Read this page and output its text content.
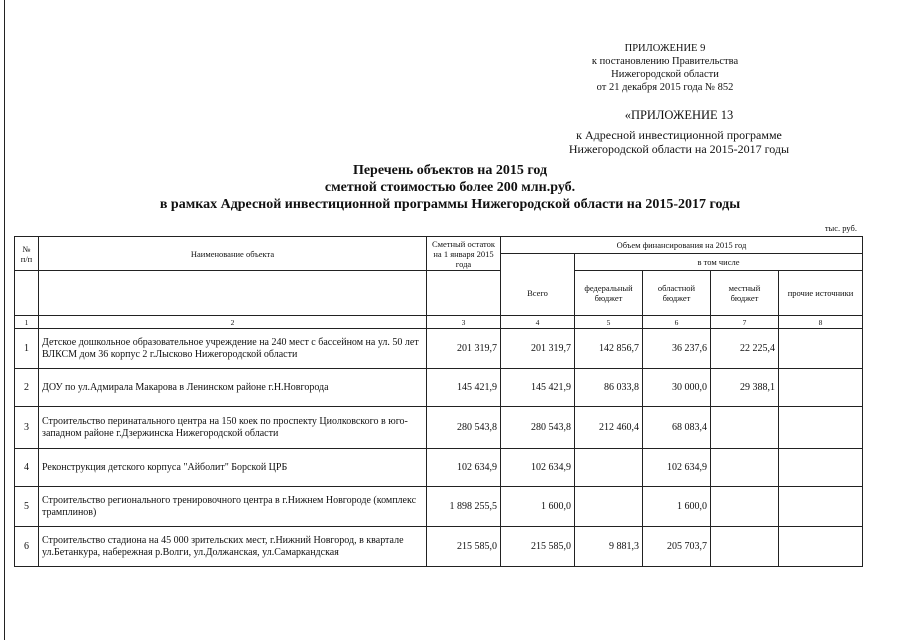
ПРИЛОЖЕНИЕ 9
к постановлению Правительства
Нижегородской области
от 21 декабря 2015 года № 852
«ПРИЛОЖЕНИЕ 13
к Адресной инвестиционной программе
Нижегородской области на 2015-2017 годы
Перечень объектов на 2015 год
сметной стоимостью более 200 млн.руб.
в рамках Адресной инвестиционной программы Нижегородской области на 2015-2017 годы
тыс. руб.
№ п/п	Наименование объекта	Сметный остаток на 1 января 2015 года	Объем финансирования на 2015 год				
				в том числе			
			Всего	федеральный бюджет	областной бюджет	местный бюджет	прочие источники
1	2	3	4	5	6	7	8
1	Детское дошкольное образовательное учреждение на 240 мест с бассейном на ул. 50 лет ВЛКСМ дом 36 корпус 2 г.Лысково Нижегородской области	201 319,7	201 319,7	142 856,7	36 237,6	22 225,4	
2	ДОУ по ул.Адмирала Макарова в Ленинском районе г.Н.Новгорода	145 421,9	145 421,9	86 033,8	30 000,0	29 388,1	
3	Строительство перинатального центра на 150 коек по проспекту Циолковского в юго-западном районе г.Дзержинска Нижегородской области	280 543,8	280 543,8	212 460,4	68 083,4		
4	Реконструкция детского корпуса "Айболит" Борской ЦРБ	102 634,9	102 634,9		102 634,9		
5	Строительство регионального тренировочного центра в г.Нижнем Новгороде (комплекс трамплинов)	1 898 255,5	1 600,0		1 600,0		
6	Строительство стадиона на 45 000 зрительских мест, г.Нижний Новгород, в квартале ул.Бетанкура, набережная р.Волги, ул.Должанская, ул.Самаркандская	215 585,0	215 585,0	9 881,3	205 703,7		
